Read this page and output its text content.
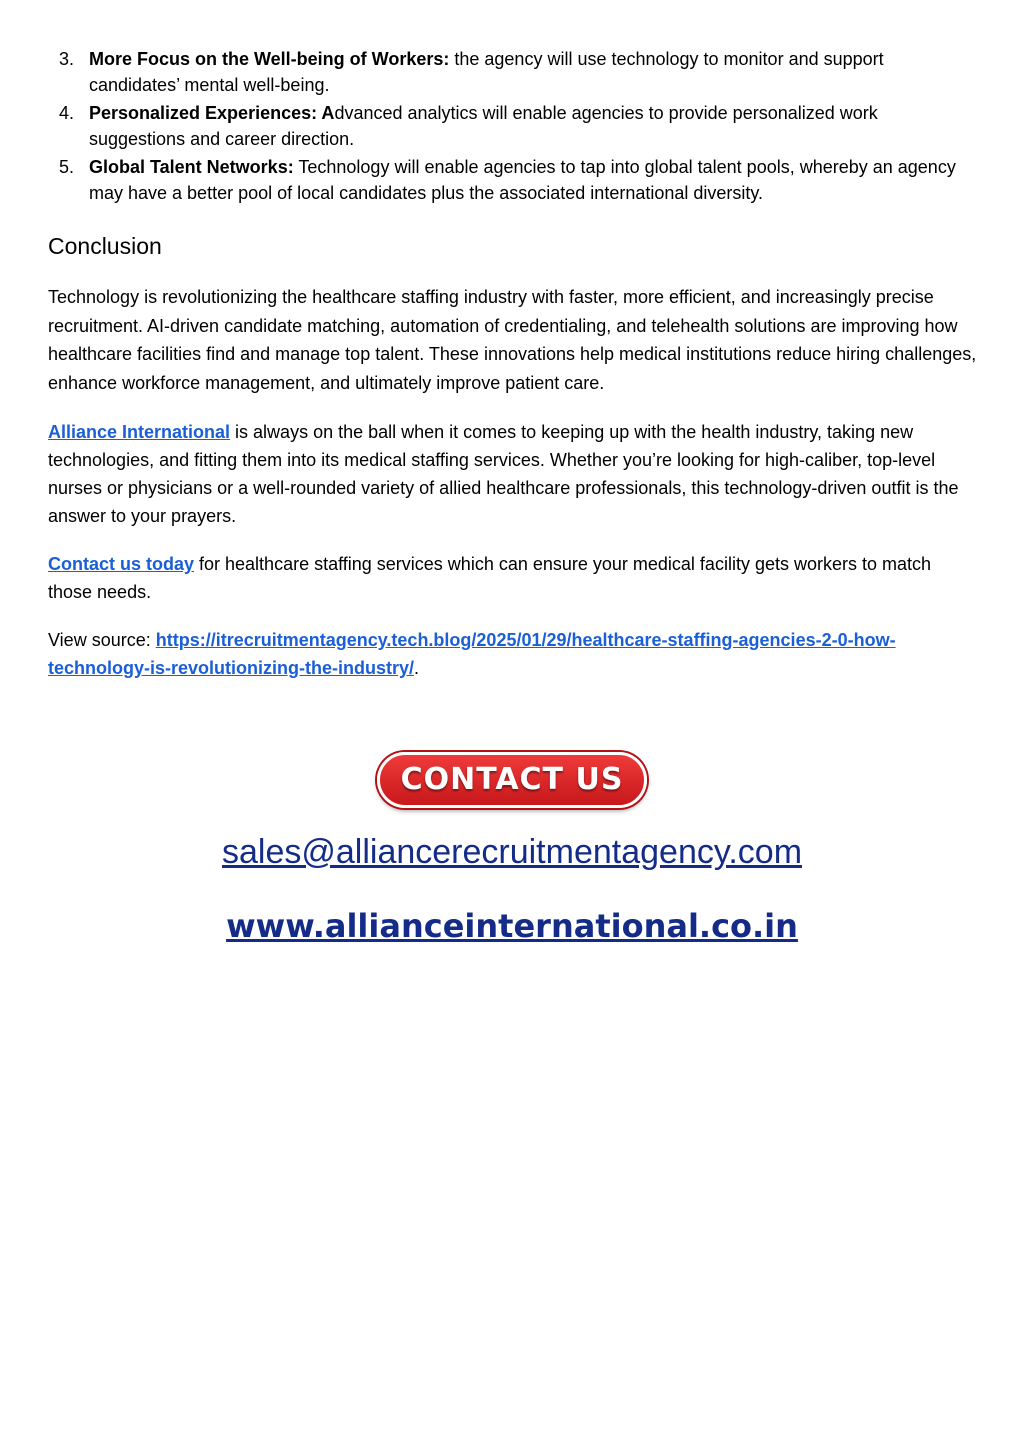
3. More Focus on the Well-being of Workers: the agency will use technology to monitor and support candidates’ mental well-being.
4. Personalized Experiences: Advanced analytics will enable agencies to provide personalized work suggestions and career direction.
5. Global Talent Networks: Technology will enable agencies to tap into global talent pools, whereby an agency may have a better pool of local candidates plus the associated international diversity.
Conclusion

Technology is revolutionizing the healthcare staffing industry with faster, more efficient, and increasingly precise recruitment. AI-driven candidate matching, automation of credentialing, and telehealth solutions are improving how healthcare facilities find and manage top talent. These innovations help medical institutions reduce hiring challenges, enhance workforce management, and ultimately improve patient care.

Alliance International is always on the ball when it comes to keeping up with the health industry, taking new technologies, and fitting them into its medical staffing services. Whether you’re looking for high-caliber, top-level nurses or physicians or a well-rounded variety of allied healthcare professionals, this technology-driven outfit is the answer to your prayers.

Contact us today for healthcare staffing services which can ensure your medical facility gets workers to match those needs.

View source: https://itrecruitmentagency.tech.blog/2025/01/29/healthcare-staffing-agencies-2-0-how-technology-is-revolutionizing-the-industry/.

CONTACT US
sales@alliancerecruitmentagency.com
www.allianceinternational.co.in
